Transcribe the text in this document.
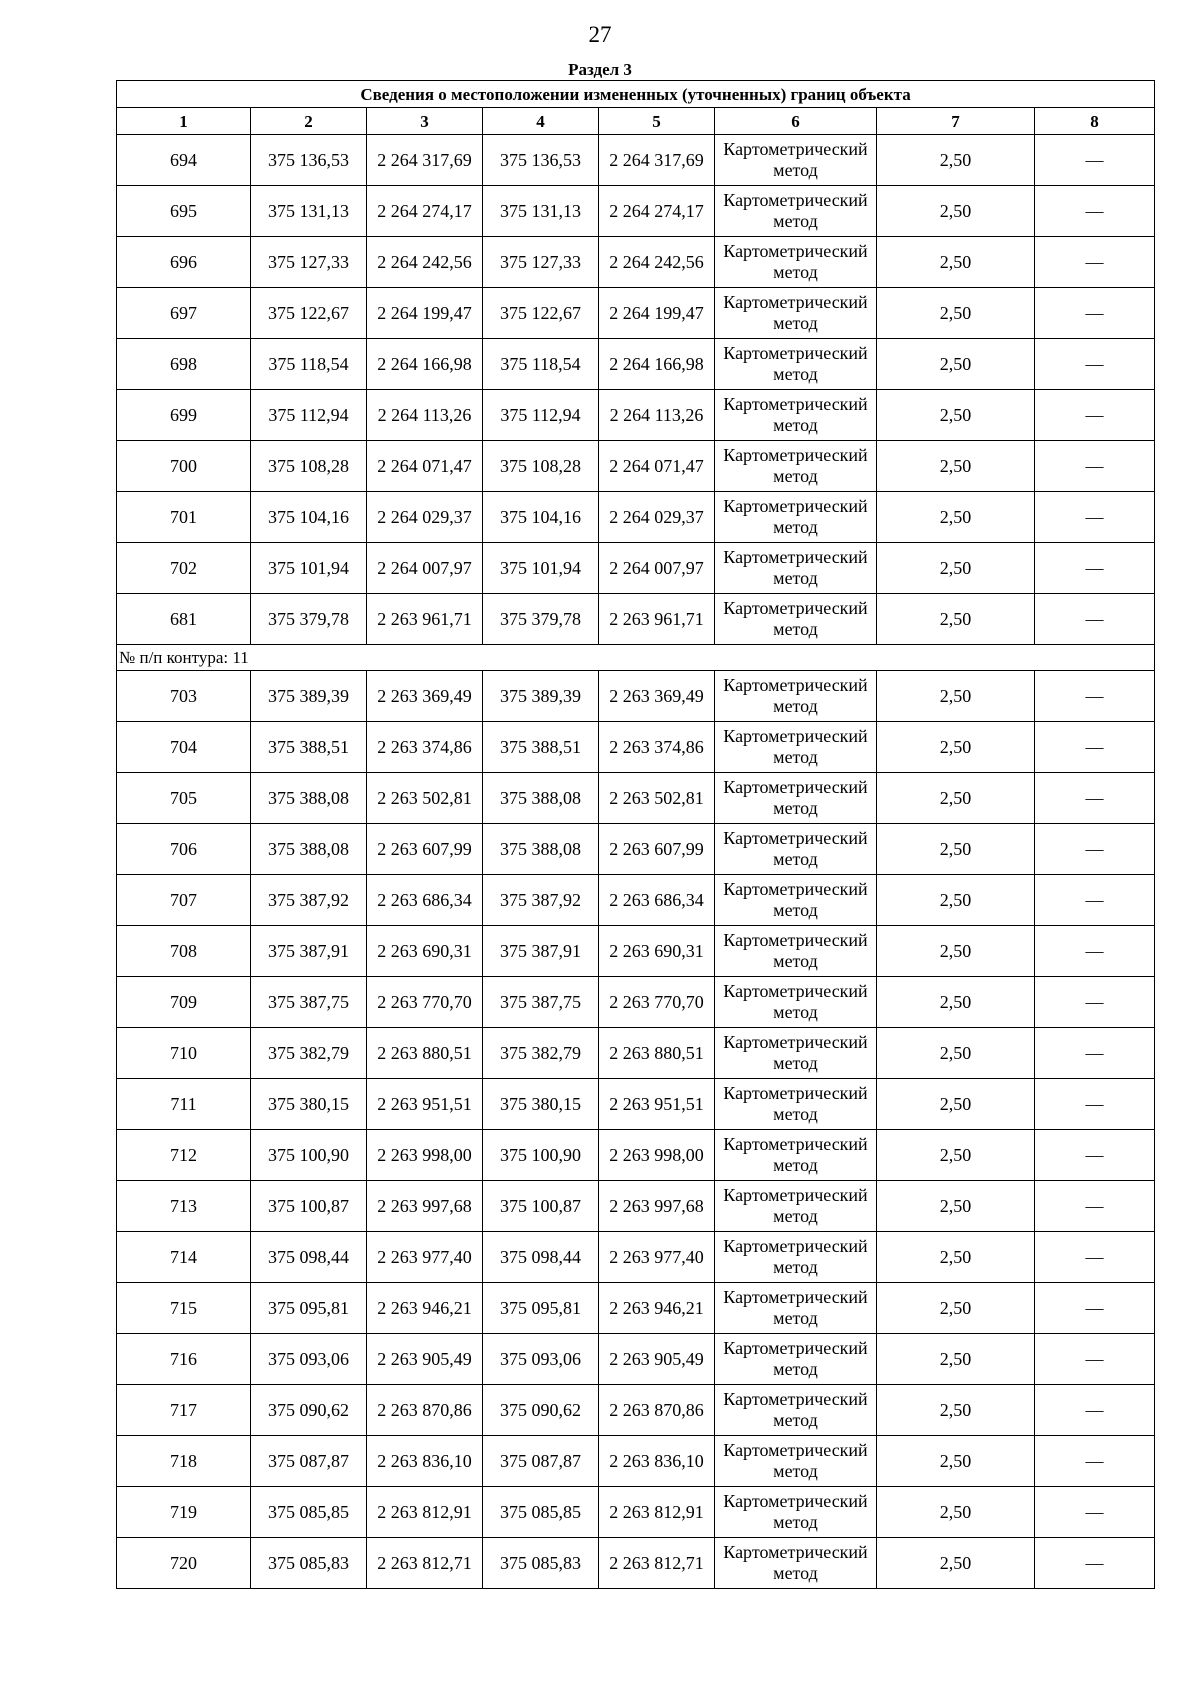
27
Раздел 3
Сведения о местоположении измененных (уточненных) границ объекта							
1	2	3	4	5	6	7	8
694	375 136,53	2 264 317,69	375 136,53	2 264 317,69	Картометрический метод	2,50	—
695	375 131,13	2 264 274,17	375 131,13	2 264 274,17	Картометрический метод	2,50	—
696	375 127,33	2 264 242,56	375 127,33	2 264 242,56	Картометрический метод	2,50	—
697	375 122,67	2 264 199,47	375 122,67	2 264 199,47	Картометрический метод	2,50	—
698	375 118,54	2 264 166,98	375 118,54	2 264 166,98	Картометрический метод	2,50	—
699	375 112,94	2 264 113,26	375 112,94	2 264 113,26	Картометрический метод	2,50	—
700	375 108,28	2 264 071,47	375 108,28	2 264 071,47	Картометрический метод	2,50	—
701	375 104,16	2 264 029,37	375 104,16	2 264 029,37	Картометрический метод	2,50	—
702	375 101,94	2 264 007,97	375 101,94	2 264 007,97	Картометрический метод	2,50	—
681	375 379,78	2 263 961,71	375 379,78	2 263 961,71	Картометрический метод	2,50	—
№ п/п контура: 11							
703	375 389,39	2 263 369,49	375 389,39	2 263 369,49	Картометрический метод	2,50	—
704	375 388,51	2 263 374,86	375 388,51	2 263 374,86	Картометрический метод	2,50	—
705	375 388,08	2 263 502,81	375 388,08	2 263 502,81	Картометрический метод	2,50	—
706	375 388,08	2 263 607,99	375 388,08	2 263 607,99	Картометрический метод	2,50	—
707	375 387,92	2 263 686,34	375 387,92	2 263 686,34	Картометрический метод	2,50	—
708	375 387,91	2 263 690,31	375 387,91	2 263 690,31	Картометрический метод	2,50	—
709	375 387,75	2 263 770,70	375 387,75	2 263 770,70	Картометрический метод	2,50	—
710	375 382,79	2 263 880,51	375 382,79	2 263 880,51	Картометрический метод	2,50	—
711	375 380,15	2 263 951,51	375 380,15	2 263 951,51	Картометрический метод	2,50	—
712	375 100,90	2 263 998,00	375 100,90	2 263 998,00	Картометрический метод	2,50	—
713	375 100,87	2 263 997,68	375 100,87	2 263 997,68	Картометрический метод	2,50	—
714	375 098,44	2 263 977,40	375 098,44	2 263 977,40	Картометрический метод	2,50	—
715	375 095,81	2 263 946,21	375 095,81	2 263 946,21	Картометрический метод	2,50	—
716	375 093,06	2 263 905,49	375 093,06	2 263 905,49	Картометрический метод	2,50	—
717	375 090,62	2 263 870,86	375 090,62	2 263 870,86	Картометрический метод	2,50	—
718	375 087,87	2 263 836,10	375 087,87	2 263 836,10	Картометрический метод	2,50	—
719	375 085,85	2 263 812,91	375 085,85	2 263 812,91	Картометрический метод	2,50	—
720	375 085,83	2 263 812,71	375 085,83	2 263 812,71	Картометрический метод	2,50	—
